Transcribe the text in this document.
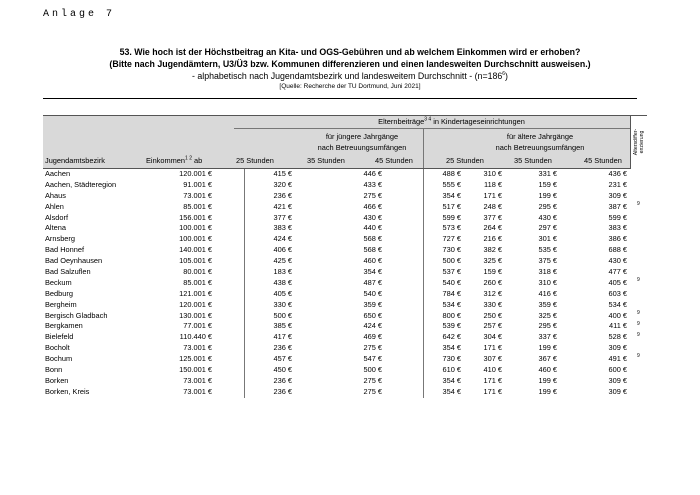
Anlage 7
53. Wie hoch ist der Höchstbeitrag an Kita- und OGS-Gebühren und ab welchem Einkommen wird er erhoben?
(Bitte nach Jugendämtern, U3/Ü3 bzw. Kommunen differenzieren und einen landesweiten Durchschnitt ausweisen.)
- alphabetisch nach Jugendamtsbezirk und landesweitem Durchschnitt - $(n=186^6)$
[Quelle: Recherche der TU Dortmund, Juni 2021]
Elternbeiträge$^{3 4}$ in Kindertageseinrichtungen
für jüngere Jahrgänge
nach Betreuungsumfängen
für ältere Jahrgänge
nach Betreuungsumfängen
Jugendamtsbezirk	Einkommen$^{1 2}$ ab	25 Stunden	35 Stunden	45 Stunden	25 Stunden	35 Stunden	45 Stunden
Altersdiffer-
enzierung
Aachen	120.001 €	415 €	446 €	488 €	310 €	331 €	436 €
Aachen, Städteregion	91.001 €	320 €	433 €	555 €	118 €	159 €	231 €
Ahaus	73.001 €	236 €	275 €	354 €	171 €	199 €	309 €
Ahlen	85.001 €	421 €	466 €	517 €	248 €	295 €	387 €
Alsdorf	156.001 €	377 €	430 €	599 €	377 €	430 €	599 €
Altena	100.001 €	383 €	440 €	573 €	264 €	297 €	383 €
Arnsberg	100.001 €	424 €	568 €	727 €	216 €	301 €	386 €
Bad Honnef	140.001 €	406 €	568 €	730 €	382 €	535 €	688 €
Bad Oeynhausen	105.001 €	425 €	460 €	500 €	325 €	375 €	430 €
Bad Salzuflen	80.001 €	183 €	354 €	537 €	159 €	318 €	477 €
Beckum	85.001 €	438 €	487 €	540 €	260 €	310 €	405 €
Bedburg	121.001 €	405 €	540 €	784 €	312 €	416 €	603 €
Bergheim	120.001 €	330 €	359 €	534 €	330 €	359 €	534 €
Bergisch Gladbach	130.001 €	500 €	650 €	800 €	250 €	325 €	400 €
Bergkamen	77.001 €	385 €	424 €	539 €	257 €	295 €	411 €
Bielefeld	110.440 €	417 €	469 €	642 €	304 €	337 €	528 €
Bocholt	73.001 €	236 €	275 €	354 €	171 €	199 €	309 €
Bochum	125.001 €	457 €	547 €	730 €	307 €	367 €	491 €
Bonn	150.001 €	450 €	500 €	610 €	410 €	460 €	600 €
Borken	73.001 €	236 €	275 €	354 €	171 €	199 €	309 €
Borken, Kreis	73.001 €	236 €	275 €	354 €	171 €	199 €	309 €
9
9
9
9
9
9
